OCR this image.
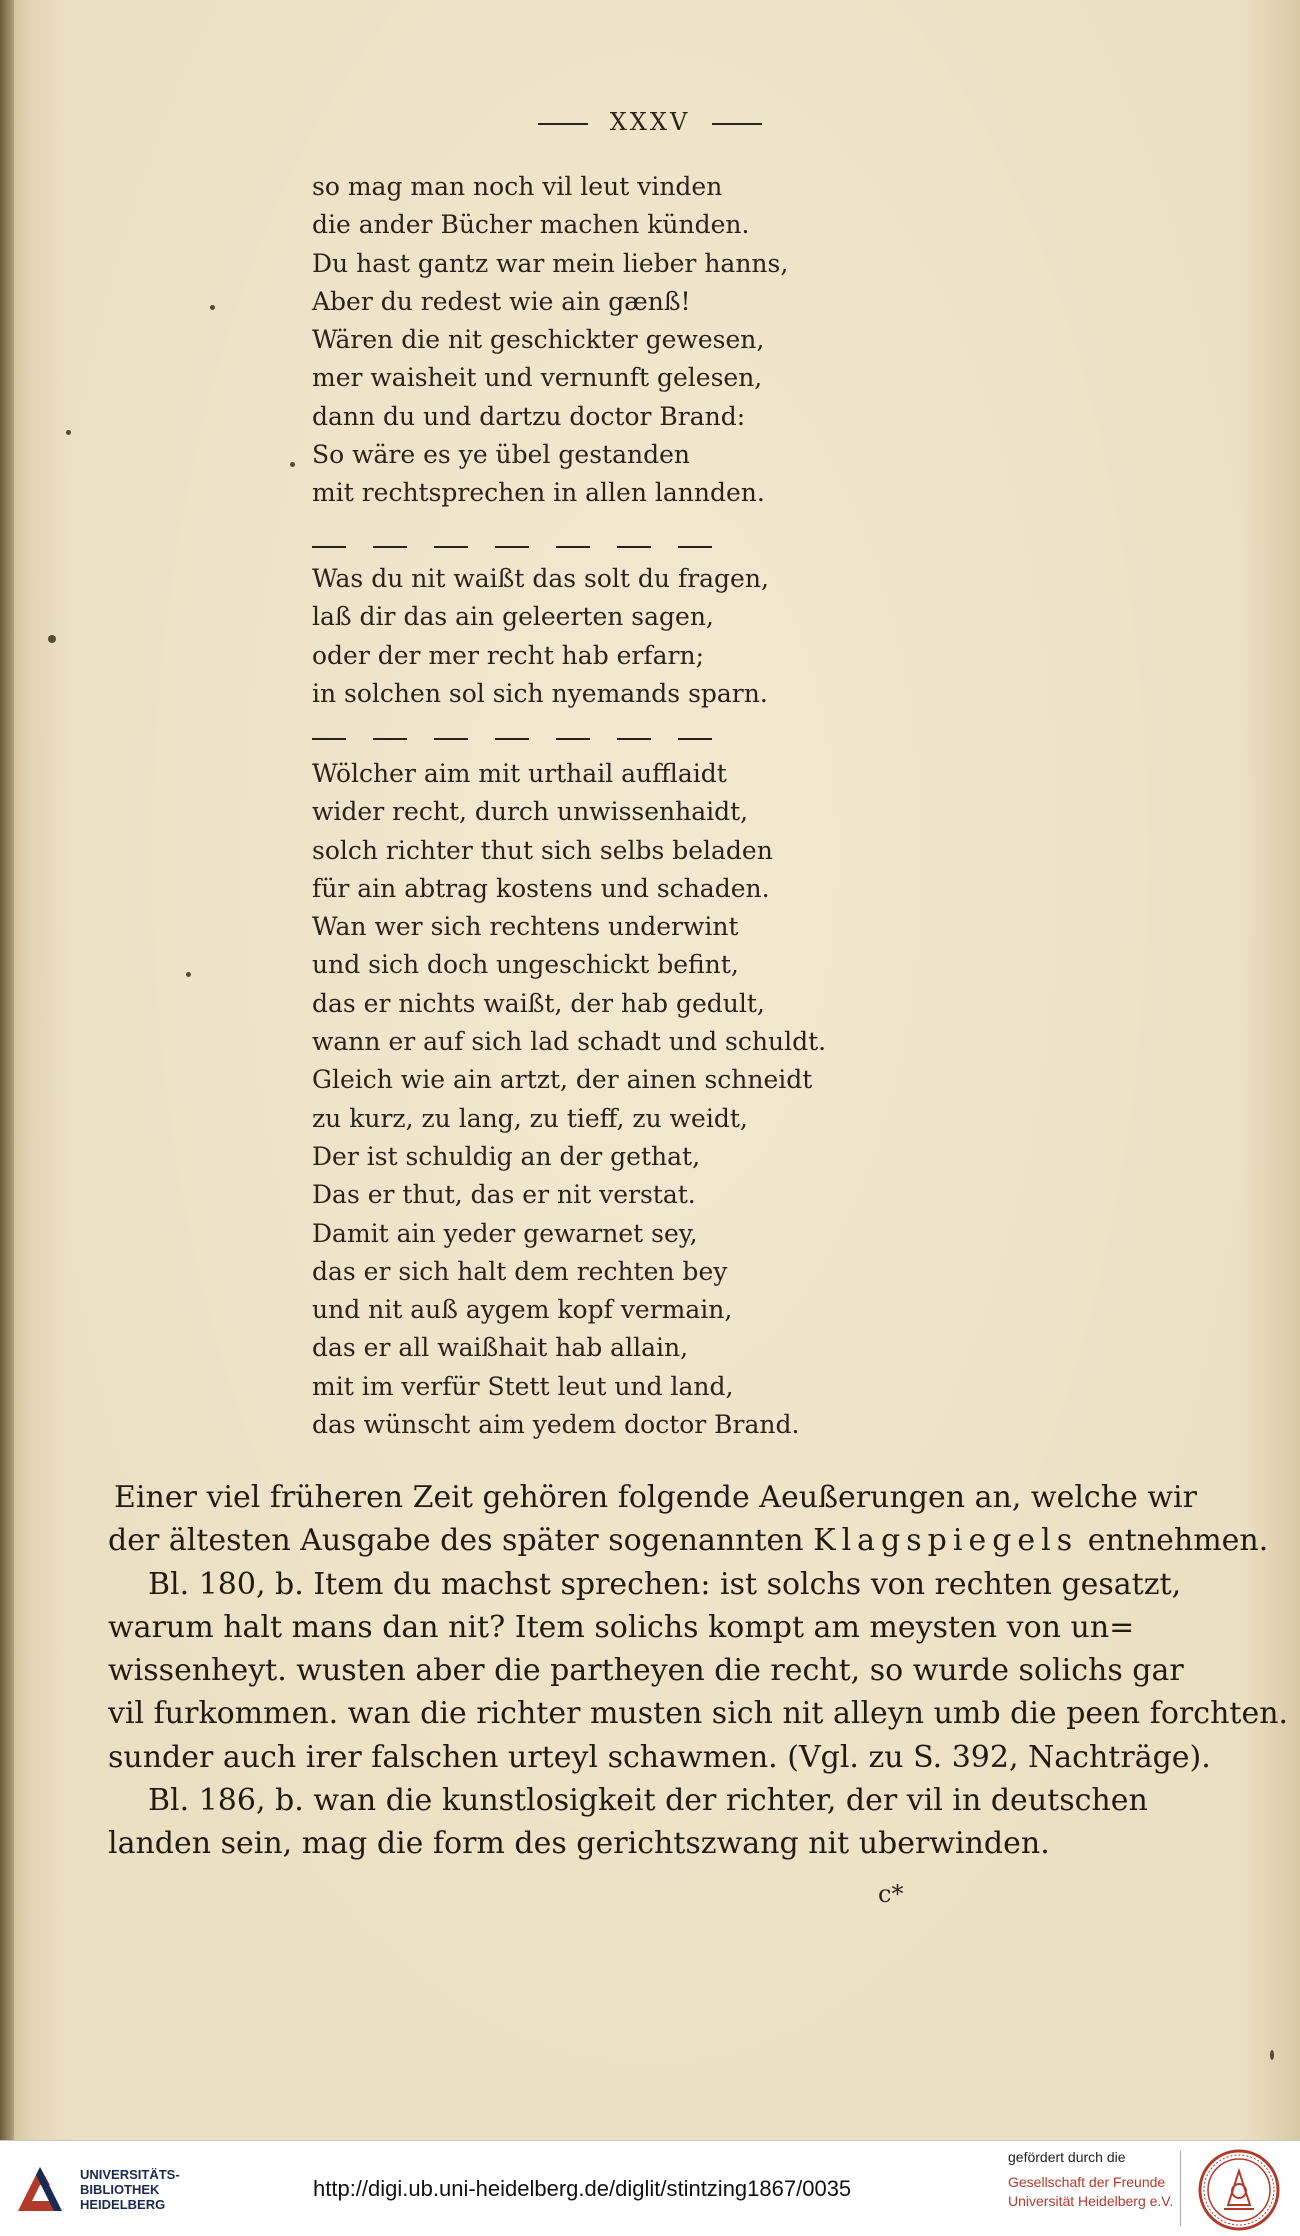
XXXV
so mag man noch vil leut vinden
die ander Bücher machen künden.
Du hast gantz war mein lieber hanns,
Aber du redest wie ain gænß!
Wären die nit geschickter gewesen,
mer waisheit und vernunft gelesen,
dann du und dartzu doctor Brand:
So wäre es ye übel gestanden
mit rechtsprechen in allen lannden.
Was du nit waißt das solt du fragen,
laß dir das ain geleerten sagen,
oder der mer recht hab erfarn;
in solchen sol sich nyemands sparn.
Wölcher aim mit urthail aufflaidt
wider recht, durch unwissenhaidt,
solch richter thut sich selbs beladen
für ain abtrag kostens und schaden.
Wan wer sich rechtens underwint
und sich doch ungeschickt befint,
das er nichts waißt, der hab gedult,
wann er auf sich lad schadt und schuldt.
Gleich wie ain artzt, der ainen schneidt
zu kurz, zu lang, zu tieff, zu weidt,
Der ist schuldig an der gethat,
Das er thut, das er nit verstat.
Damit ain yeder gewarnet sey,
das er sich halt dem rechten bey
und nit auß aygem kopf vermain,
das er all waißhait hab allain,
mit im verfür Stett leut und land,
das wünscht aim yedem doctor Brand.
Einer viel früheren Zeit gehören folgende Aeußerungen an, welche wir
der ältesten Ausgabe des später sogenannten Klagspiegels entnehmen.
Bl. 180, b. Item du machst sprechen: ist solchs von rechten gesatzt,
warum halt mans dan nit? Item solichs kompt am meysten von un=
wissenheyt. wusten aber die partheyen die recht, so wurde solichs gar
vil furkommen. wan die richter musten sich nit alleyn umb die peen forchten.
sunder auch irer falschen urteyl schawmen. (Vgl. zu S. 392, Nachträge).
Bl. 186, b. wan die kunstlosigkeit der richter, der vil in deutschen
landen sein, mag die form des gerichtszwang nit uberwinden.
c*
UNIVERSITÄTS-
BIBLIOTHEK
HEIDELBERG
http://digi.ub.uni-heidelberg.de/diglit/stintzing1867/0035
gefördert durch die
Gesellschaft der Freunde
Universität Heidelberg e.V.
